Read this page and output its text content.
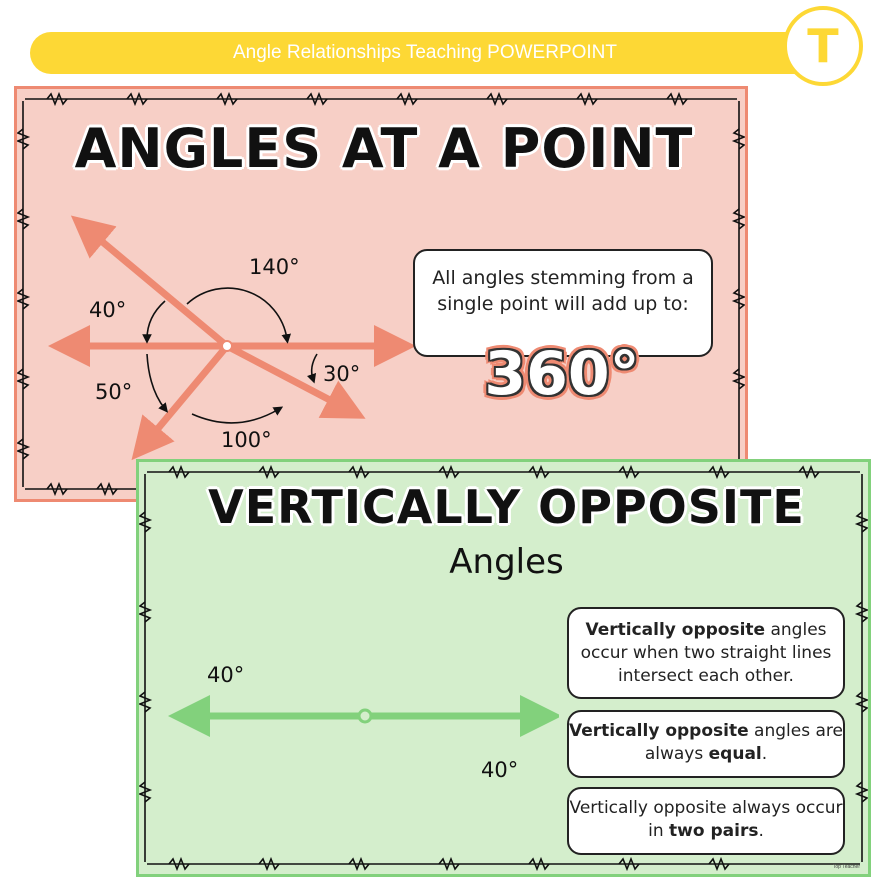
Angle Relationships Teaching POWERPOINT	T
ANGLES AT A POINT
140°
40°
50°
100°
30°
All angles stemming from a single point will add up to:
360°
VERTICALLY OPPOSITE
Angles
40°
40°
Vertically opposite angles occur when two straight lines intersect each other.
Vertically opposite angles are always equal.
Vertically opposite always occur in two pairs.
Top Teacher
